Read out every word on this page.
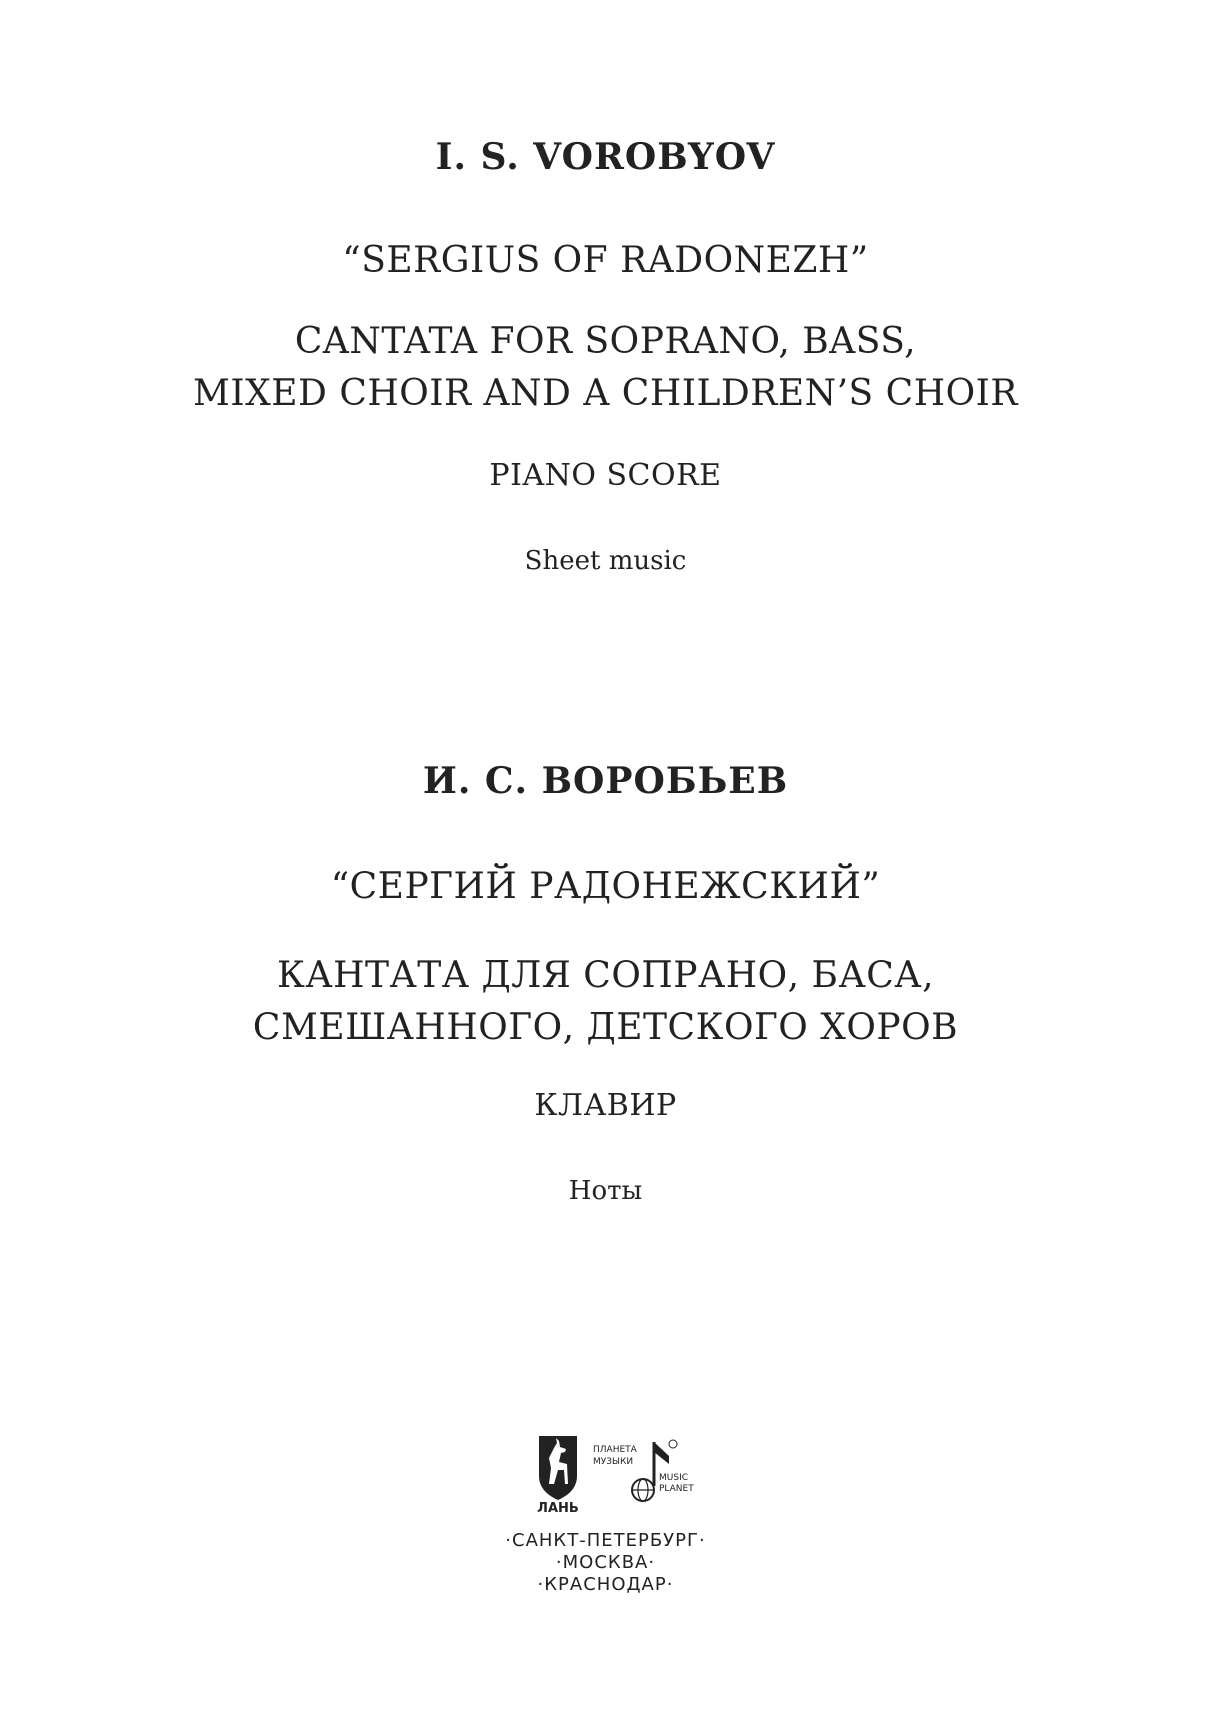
I. S. VOROBYOV
“SERGIUS OF RADONEZH”
CANTATA FOR SOPRANO, BASS,
MIXED CHOIR AND A CHILDREN’S CHOIR
PIANO SCORE
Sheet music
И. С. ВОРОБЬЕВ
“СЕРГИЙ РАДОНЕЖСКИЙ”
КАНТАТА ДЛЯ СОПРАНО, БАСА,
СМЕШАННОГО, ДЕТСКОГО ХОРОВ
КЛАВИР
Ноты
ЛАНЬ
ПЛАНЕТА
МУЗЫКИ
MUSIC
PLANET
·САНКТ-ПЕТЕРБУРГ·
·МОСКВА·
·КРАСНОДАР·
